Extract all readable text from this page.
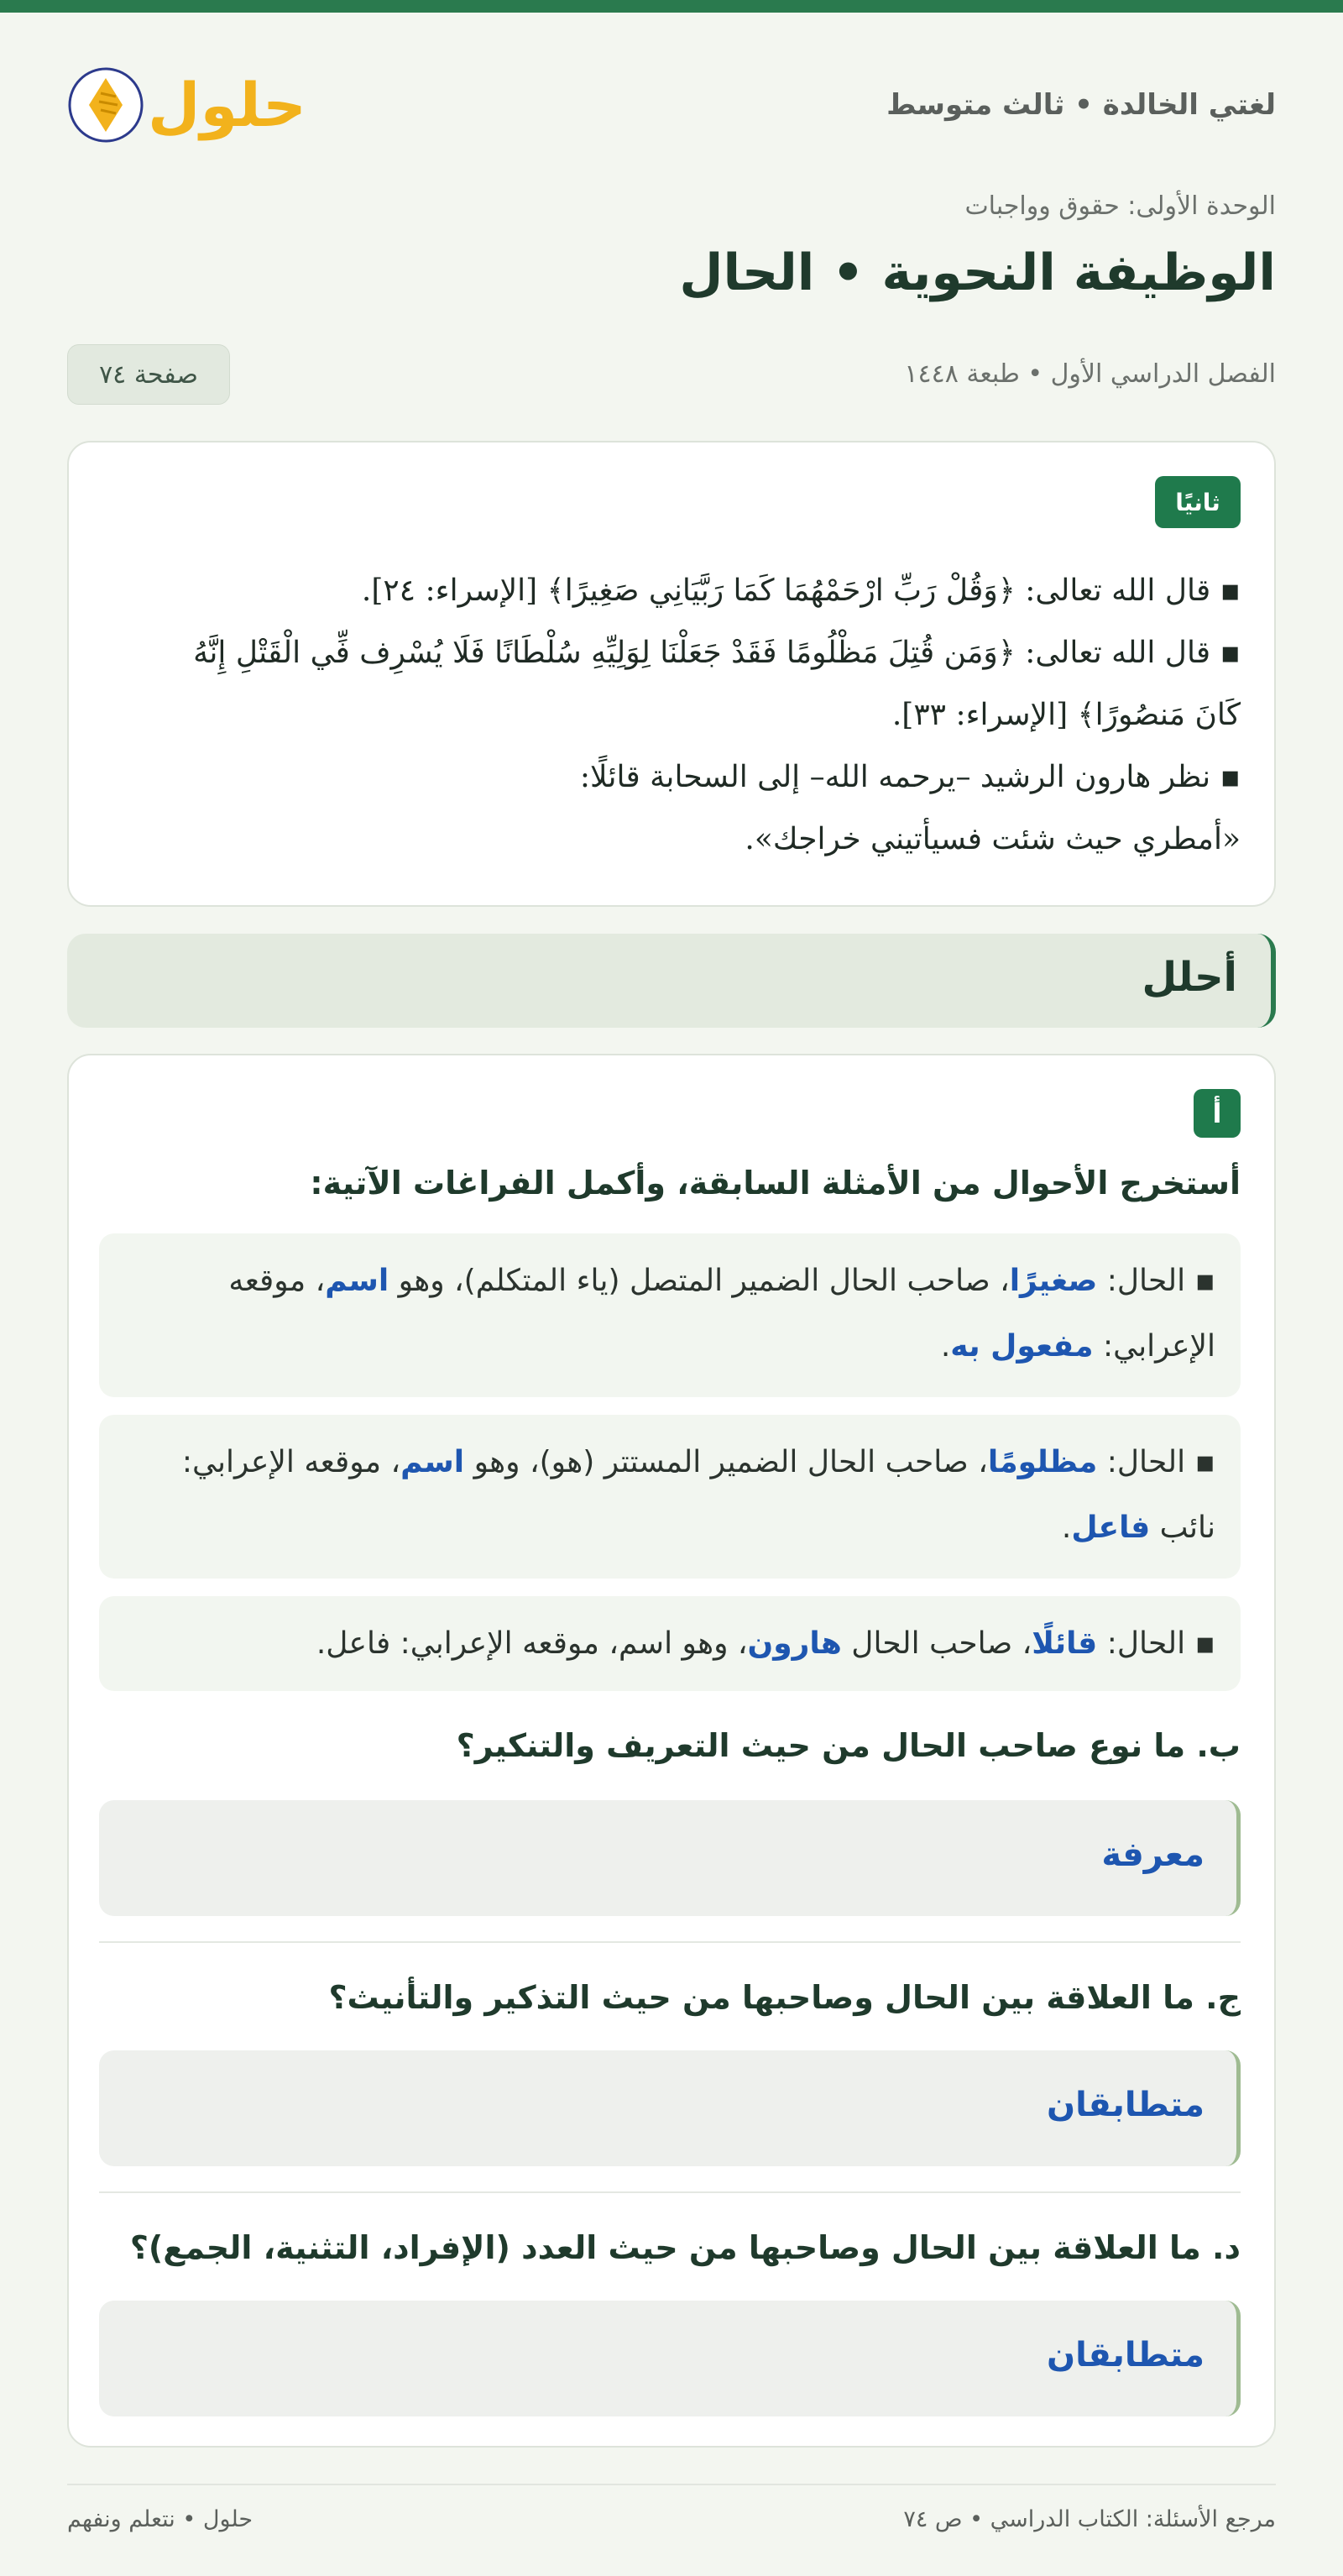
لغتي الخالدة • ثالث متوسط
حلول
الوحدة الأولى: حقوق وواجبات
الوظيفة النحوية • الحال
الفصل الدراسي الأول • طبعة ١٤٤٨
صفحة ٧٤
ثانيًا

▪ قال الله تعالى: ﴿وَقُلْ رَبِّ ارْحَمْهُمَا كَمَا رَبَّيَانِي صَغِيرًا﴾ [الإسراء: ٢٤].

▪ قال الله تعالى: ﴿وَمَن قُتِلَ مَظْلُومًا فَقَدْ جَعَلْنَا لِوَلِيِّهِ سُلْطَانًا فَلَا يُسْرِف فِّي الْقَتْلِ إِنَّهُ

كَانَ مَنصُورًا﴾ [الإسراء: ٣٣].

▪ نظر هارون الرشيد –يرحمه الله– إلى السحابة قائلًا:

«أمطري حيث شئت فسيأتيني خراجك».

أحلل
أ
أستخرج الأحوال من الأمثلة السابقة، وأكمل الفراغات الآتية:
▪ الحال: صغيرًا، صاحب الحال الضمير المتصل (ياء المتكلم)، وهو اسم، موقعه الإعرابي: مفعول به.
▪ الحال: مظلومًا، صاحب الحال الضمير المستتر (هو)، وهو اسم، موقعه الإعرابي: نائب فاعل.
▪ الحال: قائلًا، صاحب الحال هارون، وهو اسم، موقعه الإعرابي: فاعل.
ب. ما نوع صاحب الحال من حيث التعريف والتنكير؟
معرفة
ج. ما العلاقة بين الحال وصاحبها من حيث التذكير والتأنيث؟
متطابقان
د. ما العلاقة بين الحال وصاحبها من حيث العدد (الإفراد، التثنية، الجمع)؟
متطابقان
مرجع الأسئلة: الكتاب الدراسي • ص ٧٤
حلول • نتعلم ونفهم
